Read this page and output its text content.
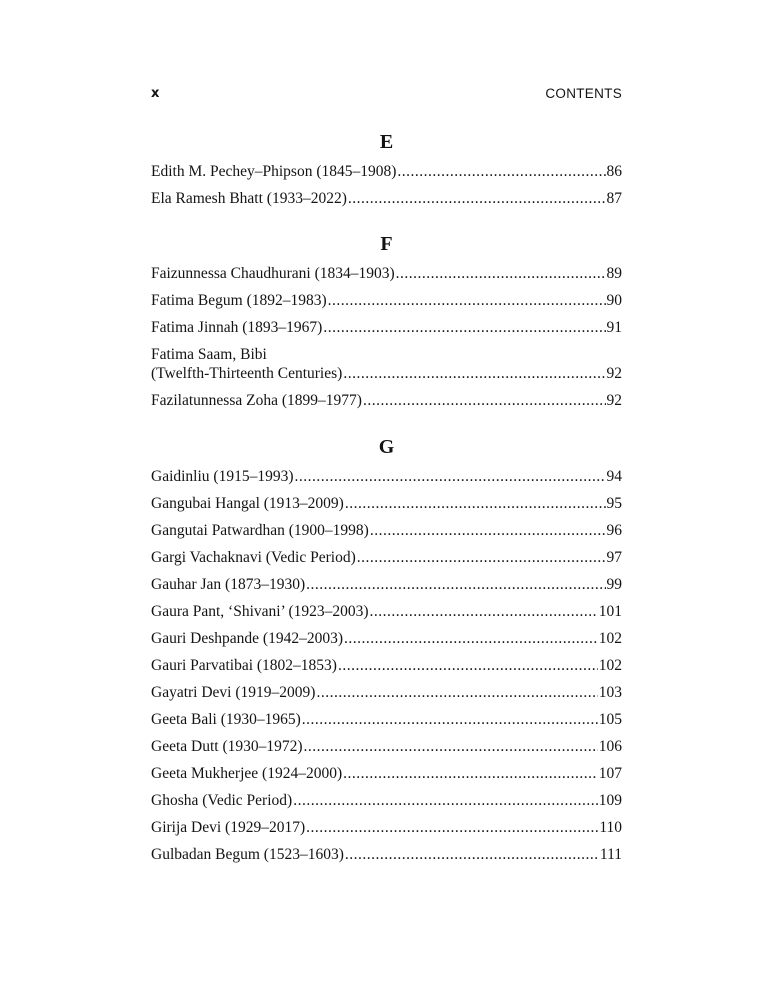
x	CONTENTS
E
Edith M. Pechey–Phipson (1845–1908) .....	86
Ela Ramesh Bhatt (1933–2022) .....	87
F
Faizunnessa Chaudhurani (1834–1903) .....	89
Fatima Begum (1892–1983) .....	90
Fatima Jinnah (1893–1967) .....	91
Fatima Saam, Bibi
(Twelfth-Thirteenth Centuries) .....	92
Fazilatunnessa Zoha (1899–1977) .....	92
G
Gaidinliu (1915–1993) .....	94
Gangubai Hangal (1913–2009) .....	95
Gangutai Patwardhan (1900–1998) .....	96
Gargi Vachaknavi (Vedic Period) .....	97
Gauhar Jan (1873–1930) .....	99
Gaura Pant, ‘Shivani’ (1923–2003) .....	101
Gauri Deshpande (1942–2003) .....	102
Gauri Parvatibai (1802–1853) .....	102
Gayatri Devi (1919–2009) .....	103
Geeta Bali (1930–1965) .....	105
Geeta Dutt (1930–1972) .....	106
Geeta Mukherjee (1924–2000) .....	107
Ghosha (Vedic Period) .....	109
Girija Devi (1929–2017) .....	110
Gulbadan Begum (1523–1603) .....	111
